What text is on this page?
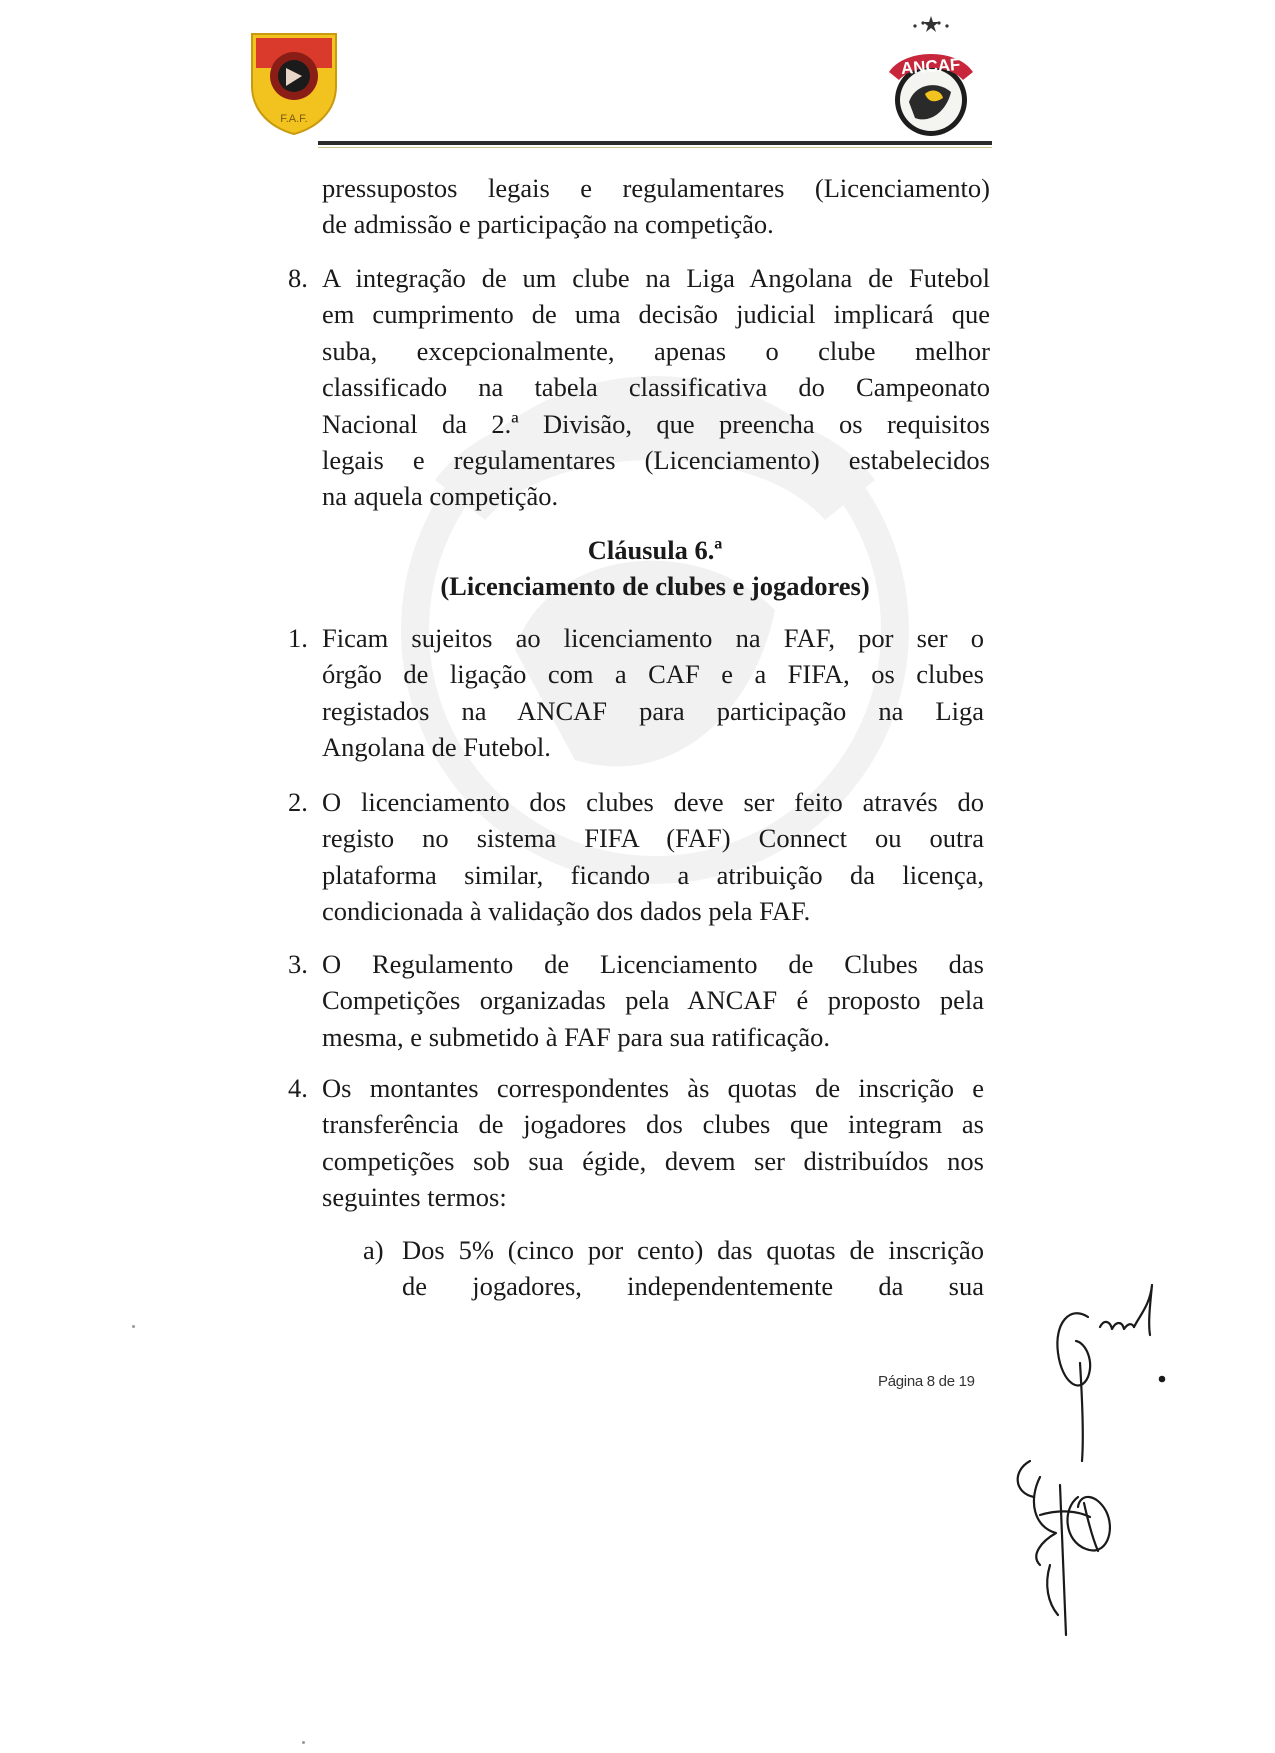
F.A.F.
ANCAF
pressupostos legais e regulamentares (Licenciamento)
de admissão e participação na competição.
8. A integração de um clube na Liga Angolana de Futebol
em cumprimento de uma decisão judicial implicará que
suba, excepcionalmente, apenas o clube melhor
classificado na tabela classificativa do Campeonato
Nacional da 2.ª Divisão, que preencha os requisitos
legais e regulamentares (Licenciamento) estabelecidos
na aquela competição.
Cláusula 6.ª
(Licenciamento de clubes e jogadores)
1. Ficam sujeitos ao licenciamento na FAF, por ser o
órgão de ligação com a CAF e a FIFA, os clubes
registados na ANCAF para participação na Liga
Angolana de Futebol.
2. O licenciamento dos clubes deve ser feito através do
registo no sistema FIFA (FAF) Connect ou outra
plataforma similar, ficando a atribuição da licença,
condicionada à validação dos dados pela FAF.
3. O Regulamento de Licenciamento de Clubes das
Competições organizadas pela ANCAF é proposto pela
mesma, e submetido à FAF para sua ratificação.
4. Os montantes correspondentes às quotas de inscrição e
transferência de jogadores dos clubes que integram as
competições sob sua égide, devem ser distribuídos nos
seguintes termos:
a) Dos 5% (cinco por cento) das quotas de inscrição
de jogadores, independentemente da sua
Página 8 de 19
